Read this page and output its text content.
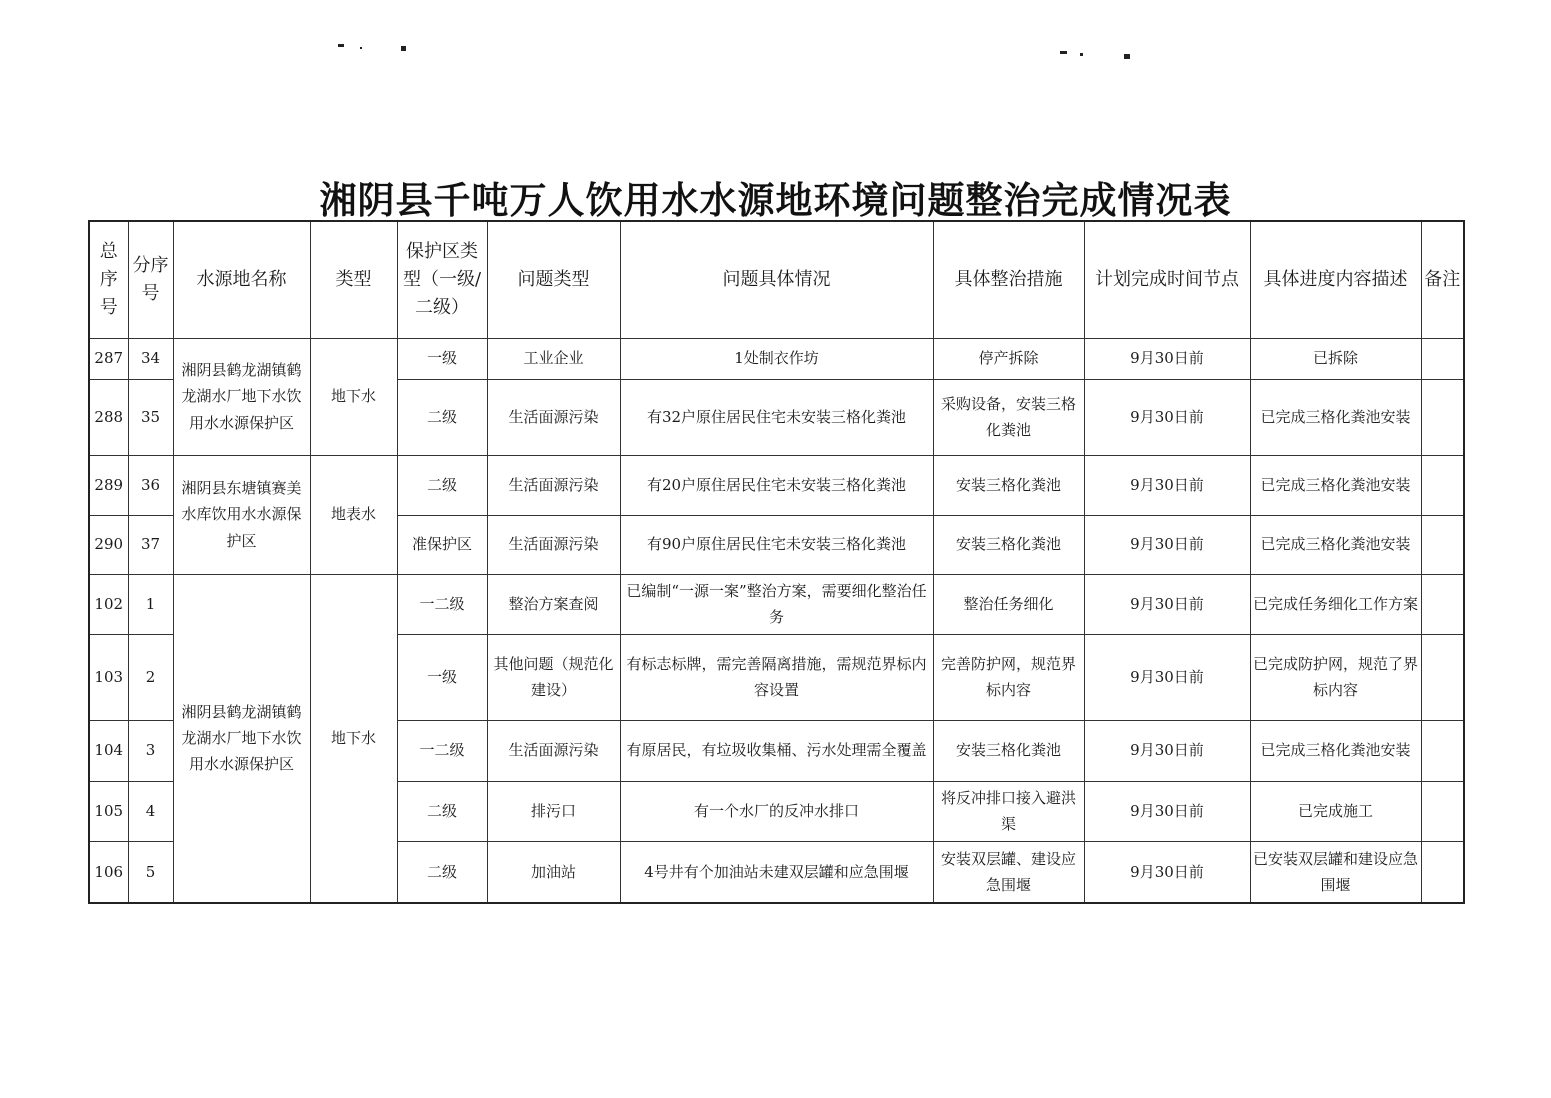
湘阴县千吨万人饮用水水源地环境问题整治完成情况表
总序号	分序号	水源地名称	类型	保护区类型（一级/二级）	问题类型	问题具体情况	具体整治措施	计划完成时间节点	具体进度内容描述	备注
287	34	湘阴县鹤龙湖镇鹤龙湖水厂地下水饮用水水源保护区	地下水	一级	工业企业	1处制衣作坊	停产拆除	9月30日前	已拆除	
288	35			二级	生活面源污染	有32户原住居民住宅未安装三格化粪池	采购设备，安装三格化粪池	9月30日前	已完成三格化粪池安装	
289	36	湘阴县东塘镇赛美水库饮用水水源保护区	地表水	二级	生活面源污染	有20户原住居民住宅未安装三格化粪池	安装三格化粪池	9月30日前	已完成三格化粪池安装	
290	37			准保护区	生活面源污染	有90户原住居民住宅未安装三格化粪池	安装三格化粪池	9月30日前	已完成三格化粪池安装	
102	1	湘阴县鹤龙湖镇鹤龙湖水厂地下水饮用水水源保护区	地下水	一二级	整治方案查阅	已编制“一源一案”整治方案，需要细化整治任务	整治任务细化	9月30日前	已完成任务细化工作方案	
103	2			一级	其他问题（规范化建设）	有标志标牌，需完善隔离措施，需规范界标内容设置	完善防护网，规范界标内容	9月30日前	已完成防护网，规范了界标内容	
104	3			一二级	生活面源污染	有原居民，有垃圾收集桶、污水处理需全覆盖	安装三格化粪池	9月30日前	已完成三格化粪池安装	
105	4			二级	排污口	有一个水厂的反冲水排口	将反冲排口接入避洪渠	9月30日前	已完成施工	
106	5			二级	加油站	4号井有个加油站未建双层罐和应急围堰	安装双层罐、建设应急围堰	9月30日前	已安装双层罐和建设应急围堰	
